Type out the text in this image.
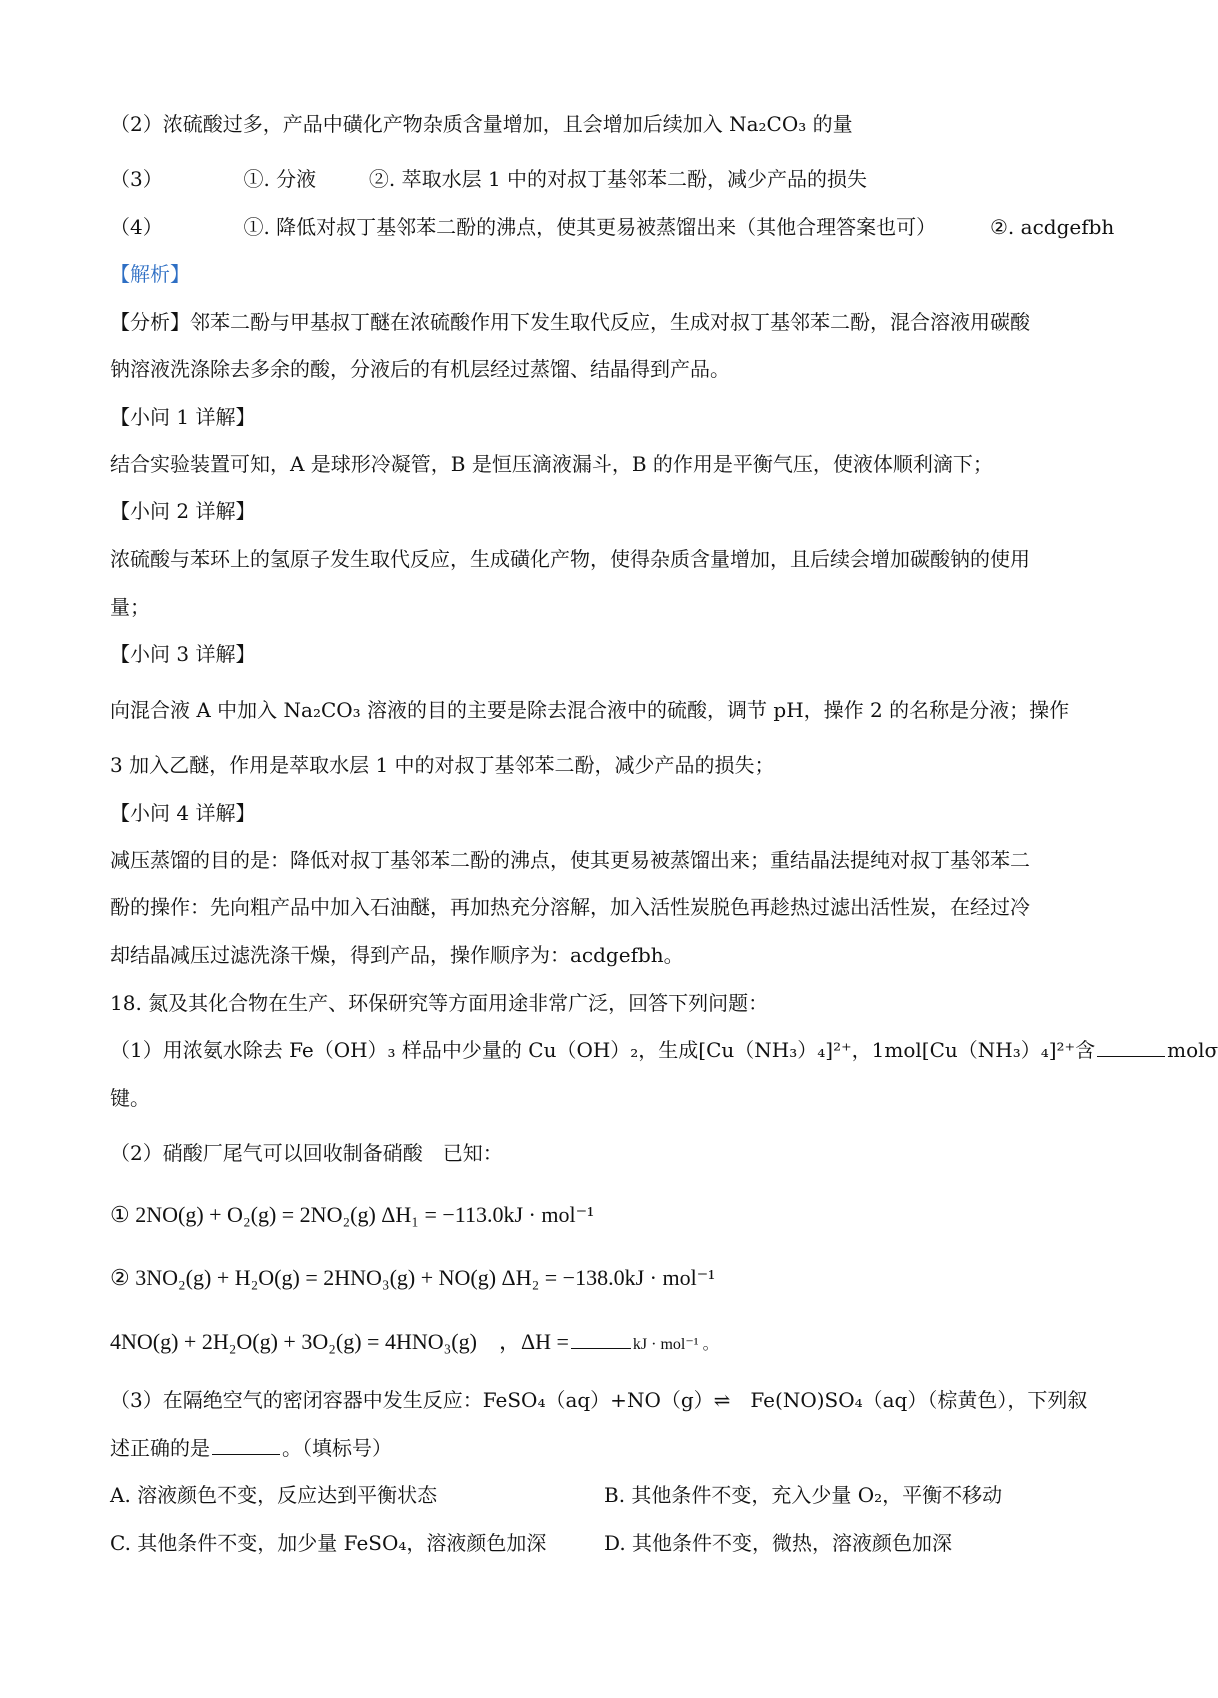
（2）浓硫酸过多，产品中磺化产物杂质含量增加，且会增加后续加入 Na₂CO₃ 的量
（3）	①. 分液	②. 萃取水层 1 中的对叔丁基邻苯二酚，减少产品的损失
（4）	①. 降低对叔丁基邻苯二酚的沸点，使其更易被蒸馏出来（其他合理答案也可）	②. acdgefbh
【解析】
【分析】邻苯二酚与甲基叔丁醚在浓硫酸作用下发生取代反应，生成对叔丁基邻苯二酚，混合溶液用碳酸
钠溶液洗涤除去多余的酸，分液后的有机层经过蒸馏、结晶得到产品。
【小问 1 详解】
结合实验装置可知，A 是球形冷凝管，B 是恒压滴液漏斗，B 的作用是平衡气压，使液体顺利滴下；
【小问 2 详解】
浓硫酸与苯环上的氢原子发生取代反应，生成磺化产物，使得杂质含量增加，且后续会增加碳酸钠的使用
量；
【小问 3 详解】
向混合液 A 中加入 Na₂CO₃ 溶液的目的主要是除去混合液中的硫酸，调节 pH，操作 2 的名称是分液；操作
3 加入乙醚，作用是萃取水层 1 中的对叔丁基邻苯二酚，减少产品的损失；
【小问 4 详解】
减压蒸馏的目的是：降低对叔丁基邻苯二酚的沸点，使其更易被蒸馏出来；重结晶法提纯对叔丁基邻苯二
酚的操作：先向粗产品中加入石油醚，再加热充分溶解，加入活性炭脱色再趁热过滤出活性炭，在经过冷
却结晶减压过滤洗涤干燥，得到产品，操作顺序为：acdgefbh。
18. 氮及其化合物在生产、环保研究等方面用途非常广泛，回答下列问题：
（1）用浓氨水除去 Fe（OH）₃ 样品中少量的 Cu（OH）₂，生成[Cu（NH₃）₄]²⁺，1mol[Cu（NH₃）₄]²⁺含	molσ
键。
（2）硝酸厂尾气可以回收制备硝酸　已知：
① 2NO(g) + O₂(g) = 2NO₂(g) ΔH₁ = −113.0kJ · mol⁻¹
② 3NO₂(g) + H₂O(g) = 2HNO₃(g) + NO(g) ΔH₂ = −138.0kJ · mol⁻¹
4NO(g) + 2H₂O(g) + 3O₂(g) = 4HNO₃(g)　，ΔH =	kJ · mol⁻¹ 。
（3）在隔绝空气的密闭容器中发生反应：FeSO₄（aq）+NO（g）⇌　Fe(NO)SO₄（aq）（棕黄色），下列叙
述正确的是	。（填标号）
A. 溶液颜色不变，反应达到平衡状态	B. 其他条件不变，充入少量 O₂，平衡不移动
C. 其他条件不变，加少量 FeSO₄，溶液颜色加深	D. 其他条件不变，微热，溶液颜色加深
